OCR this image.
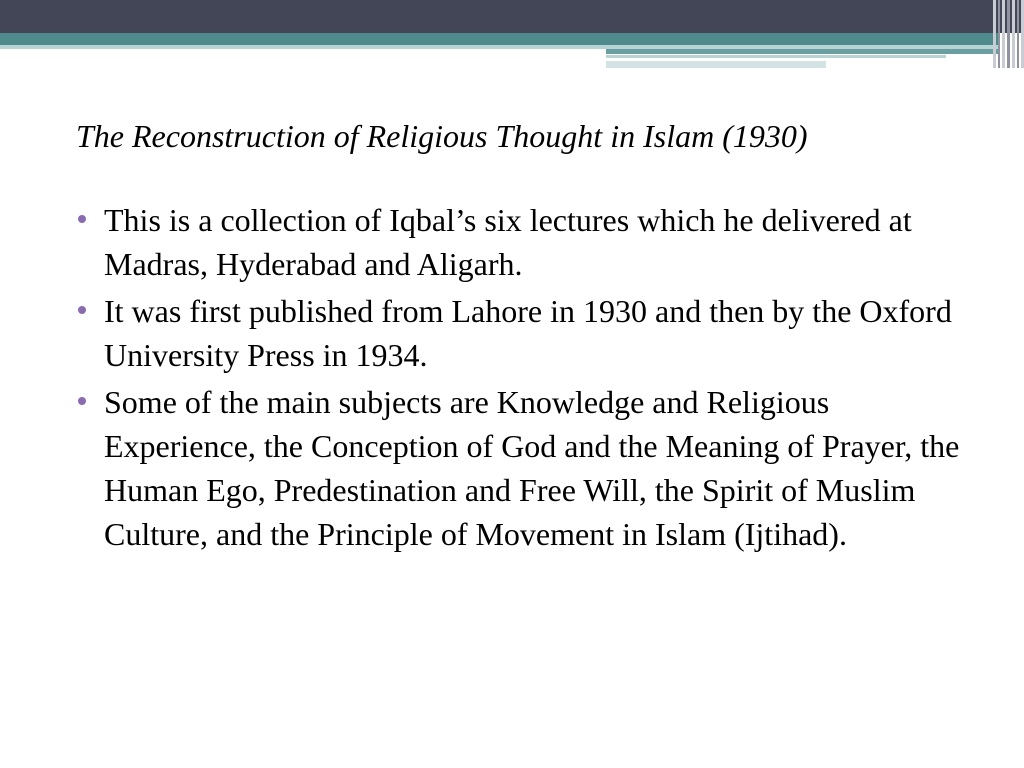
The Reconstruction of Religious Thought in Islam (1930)

This is a collection of Iqbal’s six lectures which he delivered at Madras, Hyderabad and Aligarh.
It was first published from Lahore in 1930 and then by the Oxford University Press in 1934.
Some of the main subjects are Knowledge and Religious Experience, the Conception of God and the Meaning of Prayer, the Human Ego, Predestination and Free Will, the Spirit of Muslim Culture, and the Principle of Movement in Islam (Ijtihad).
